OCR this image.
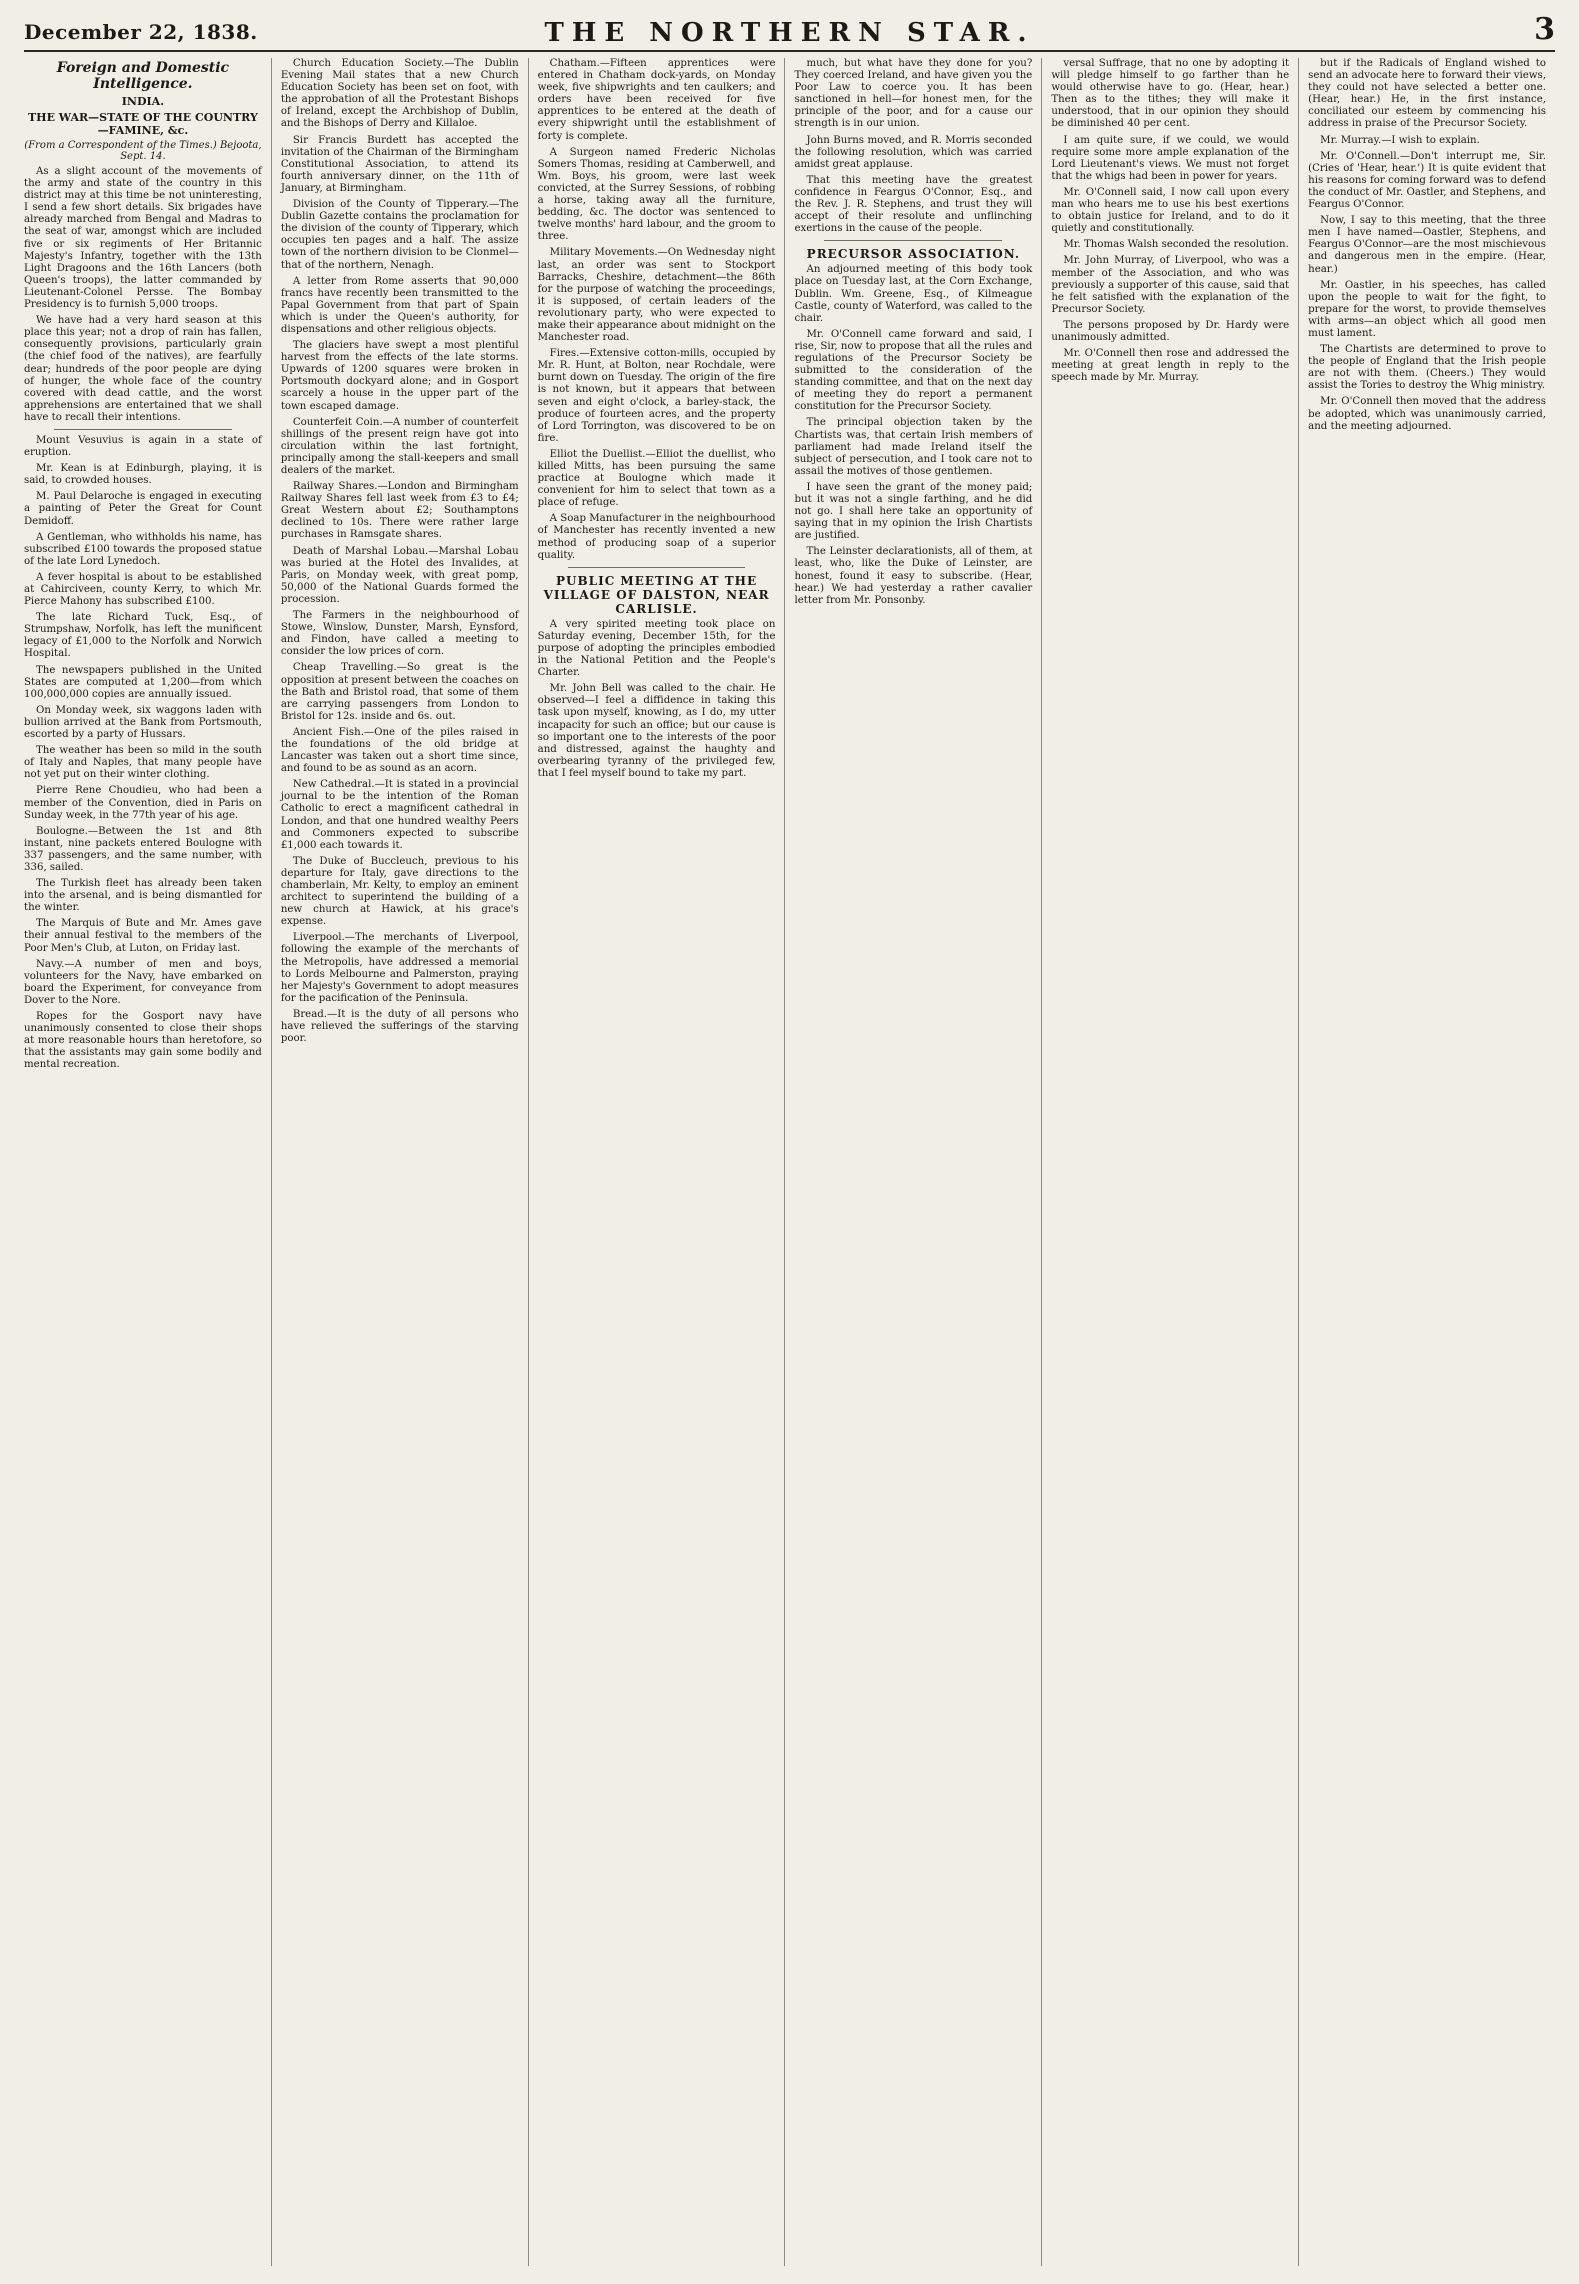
December 22, 1838.	THE NORTHERN STAR.	3
Foreign and Domestic Intelligence.
INDIA.
THE WAR—STATE OF THE COUNTRY—FAMINE, &c.
(From a Correspondent of the Times.) Bejoota, Sept. 14.

As a slight account of the movements of the army and state of the country in this district may at this time be not uninteresting, I send a few short details. Six brigades have already marched from Bengal and Madras to the seat of war, amongst which are included five or six regiments of Her Britannic Majesty's Infantry, together with the 13th Light Dragoons and the 16th Lancers (both Queen's troops), the latter commanded by Lieutenant-Colonel Persse. The Bombay Presidency is to furnish 5,000 troops.

We have had a very hard season at this place this year; not a drop of rain has fallen, consequently provisions, particularly grain (the chief food of the natives), are fearfully dear; hundreds of the poor people are dying of hunger, the whole face of the country covered with dead cattle, and the worst apprehensions are entertained that we shall have to recall their intentions.

Mount Vesuvius is again in a state of eruption.

Mr. Kean is at Edinburgh, playing, it is said, to crowded houses.

M. Paul Delaroche is engaged in executing a painting of Peter the Great for Count Demidoff.

A Gentleman, who withholds his name, has subscribed £100 towards the proposed statue of the late Lord Lynedoch.

A fever hospital is about to be established at Cahirciveen, county Kerry, to which Mr. Pierce Mahony has subscribed £100.

The late Richard Tuck, Esq., of Strumpshaw, Norfolk, has left the munificent legacy of £1,000 to the Norfolk and Norwich Hospital.

The newspapers published in the United States are computed at 1,200—from which 100,000,000 copies are annually issued.

On Monday week, six waggons laden with bullion arrived at the Bank from Portsmouth, escorted by a party of Hussars.

The weather has been so mild in the south of Italy and Naples, that many people have not yet put on their winter clothing.

Pierre Rene Choudieu, who had been a member of the Convention, died in Paris on Sunday week, in the 77th year of his age.

Boulogne.—Between the 1st and 8th instant, nine packets entered Boulogne with 337 passengers, and the same number, with 336, sailed.

The Turkish fleet has already been taken into the arsenal, and is being dismantled for the winter.

The Marquis of Bute and Mr. Ames gave their annual festival to the members of the Poor Men's Club, at Luton, on Friday last.

Navy.—A number of men and boys, volunteers for the Navy, have embarked on board the Experiment, for conveyance from Dover to the Nore.

Ropes for the Gosport navy have unanimously consented to close their shops at more reasonable hours than heretofore, so that the assistants may gain some bodily and mental recreation.

Church Education Society.—The Dublin Evening Mail states that a new Church Education Society has been set on foot, with the approbation of all the Protestant Bishops of Ireland, except the Archbishop of Dublin, and the Bishops of Derry and Killaloe.

Sir Francis Burdett has accepted the invitation of the Chairman of the Birmingham Constitutional Association, to attend its fourth anniversary dinner, on the 11th of January, at Birmingham.

Division of the County of Tipperary.—The Dublin Gazette contains the proclamation for the division of the county of Tipperary, which occupies ten pages and a half. The assize town of the northern division to be Clonmel—that of the northern, Nenagh.

A letter from Rome asserts that 90,000 francs have recently been transmitted to the Papal Government from that part of Spain which is under the Queen's authority, for dispensations and other religious objects.

The glaciers have swept a most plentiful harvest from the effects of the late storms. Upwards of 1200 squares were broken in Portsmouth dockyard alone; and in Gosport scarcely a house in the upper part of the town escaped damage.

Counterfeit Coin.—A number of counterfeit shillings of the present reign have got into circulation within the last fortnight, principally among the stall-keepers and small dealers of the market.

Railway Shares.—London and Birmingham Railway Shares fell last week from £3 to £4; Great Western about £2; Southamptons declined to 10s. There were rather large purchases in Ramsgate shares.

Death of Marshal Lobau.—Marshal Lobau was buried at the Hotel des Invalides, at Paris, on Monday week, with great pomp, 50,000 of the National Guards formed the procession.

The Farmers in the neighbourhood of Stowe, Winslow, Dunster, Marsh, Eynsford, and Findon, have called a meeting to consider the low prices of corn.

Cheap Travelling.—So great is the opposition at present between the coaches on the Bath and Bristol road, that some of them are carrying passengers from London to Bristol for 12s. inside and 6s. out.

Ancient Fish.—One of the piles raised in the foundations of the old bridge at Lancaster was taken out a short time since, and found to be as sound as an acorn.

New Cathedral.—It is stated in a provincial journal to be the intention of the Roman Catholic to erect a magnificent cathedral in London, and that one hundred wealthy Peers and Commoners expected to subscribe £1,000 each towards it.

The Duke of Buccleuch, previous to his departure for Italy, gave directions to the chamberlain, Mr. Kelty, to employ an eminent architect to superintend the building of a new church at Hawick, at his grace's expense.

Liverpool.—The merchants of Liverpool, following the example of the merchants of the Metropolis, have addressed a memorial to Lords Melbourne and Palmerston, praying her Majesty's Government to adopt measures for the pacification of the Peninsula.

Bread.—It is the duty of all persons who have relieved the sufferings of the starving poor.

Chatham.—Fifteen apprentices were entered in Chatham dock-yards, on Monday week, five shipwrights and ten caulkers; and orders have been received for five apprentices to be entered at the death of every shipwright until the establishment of forty is complete.

A Surgeon named Frederic Nicholas Somers Thomas, residing at Camberwell, and Wm. Boys, his groom, were last week convicted, at the Surrey Sessions, of robbing a horse, taking away all the furniture, bedding, &c. The doctor was sentenced to twelve months' hard labour, and the groom to three.

Military Movements.—On Wednesday night last, an order was sent to Stockport Barracks, Cheshire, detachment—the 86th for the purpose of watching the proceedings, it is supposed, of certain leaders of the revolutionary party, who were expected to make their appearance about midnight on the Manchester road.

Fires.—Extensive cotton-mills, occupied by Mr. R. Hunt, at Bolton, near Rochdale, were burnt down on Tuesday. The origin of the fire is not known, but it appears that between seven and eight o'clock, a barley-stack, the produce of fourteen acres, and the property of Lord Torrington, was discovered to be on fire.

Elliot the Duellist.—Elliot the duellist, who killed Mitts, has been pursuing the same practice at Boulogne which made it convenient for him to select that town as a place of refuge.

A Soap Manufacturer in the neighbourhood of Manchester has recently invented a new method of producing soap of a superior quality.

PUBLIC MEETING AT THE VILLAGE OF DALSTON, NEAR CARLISLE.

A very spirited meeting took place on Saturday evening, December 15th, for the purpose of adopting the principles embodied in the National Petition and the People's Charter.

Mr. John Bell was called to the chair. He observed—I feel a diffidence in taking this task upon myself, knowing, as I do, my utter incapacity for such an office; but our cause is so important one to the interests of the poor and distressed, against the haughty and overbearing tyranny of the privileged few, that I feel myself bound to take my part.

much, but what have they done for you? They coerced Ireland, and have given you the Poor Law to coerce you. It has been sanctioned in hell—for honest men, for the principle of the poor, and for a cause our strength is in our union.

John Burns moved, and R. Morris seconded the following resolution, which was carried amidst great applause.

That this meeting have the greatest confidence in Feargus O'Connor, Esq., and the Rev. J. R. Stephens, and trust they will accept of their resolute and unflinching exertions in the cause of the people.

PRECURSOR ASSOCIATION.

An adjourned meeting of this body took place on Tuesday last, at the Corn Exchange, Dublin. Wm. Greene, Esq., of Kilmeague Castle, county of Waterford, was called to the chair.

Mr. O'Connell came forward and said, I rise, Sir, now to propose that all the rules and regulations of the Precursor Society be submitted to the consideration of the standing committee, and that on the next day of meeting they do report a permanent constitution for the Precursor Society.

The principal objection taken by the Chartists was, that certain Irish members of parliament had made Ireland itself the subject of persecution, and I took care not to assail the motives of those gentlemen.

I have seen the grant of the money paid; but it was not a single farthing, and he did not go. I shall here take an opportunity of saying that in my opinion the Irish Chartists are justified.

The Leinster declarationists, all of them, at least, who, like the Duke of Leinster, are honest, found it easy to subscribe. (Hear, hear.) We had yesterday a rather cavalier letter from Mr. Ponsonby.

versal Suffrage, that no one by adopting it will pledge himself to go farther than he would otherwise have to go. (Hear, hear.) Then as to the tithes; they will make it understood, that in our opinion they should be diminished 40 per cent.

I am quite sure, if we could, we would require some more ample explanation of the Lord Lieutenant's views. We must not forget that the whigs had been in power for years.

Mr. O'Connell said, I now call upon every man who hears me to use his best exertions to obtain justice for Ireland, and to do it quietly and constitutionally.

Mr. Thomas Walsh seconded the resolution.

Mr. John Murray, of Liverpool, who was a member of the Association, and who was previously a supporter of this cause, said that he felt satisfied with the explanation of the Precursor Society.

The persons proposed by Dr. Hardy were unanimously admitted.

Mr. O'Connell then rose and addressed the meeting at great length in reply to the speech made by Mr. Murray.

but if the Radicals of England wished to send an advocate here to forward their views, they could not have selected a better one. (Hear, hear.) He, in the first instance, conciliated our esteem by commencing his address in praise of the Precursor Society.

Mr. Murray.—I wish to explain.

Mr. O'Connell.—Don't interrupt me, Sir. (Cries of 'Hear, hear.') It is quite evident that his reasons for coming forward was to defend the conduct of Mr. Oastler, and Stephens, and Feargus O'Connor.

Now, I say to this meeting, that the three men I have named—Oastler, Stephens, and Feargus O'Connor—are the most mischievous and dangerous men in the empire. (Hear, hear.)

Mr. Oastler, in his speeches, has called upon the people to wait for the fight, to prepare for the worst, to provide themselves with arms—an object which all good men must lament.

The Chartists are determined to prove to the people of England that the Irish people are not with them. (Cheers.) They would assist the Tories to destroy the Whig ministry.

Mr. O'Connell then moved that the address be adopted, which was unanimously carried, and the meeting adjourned.
